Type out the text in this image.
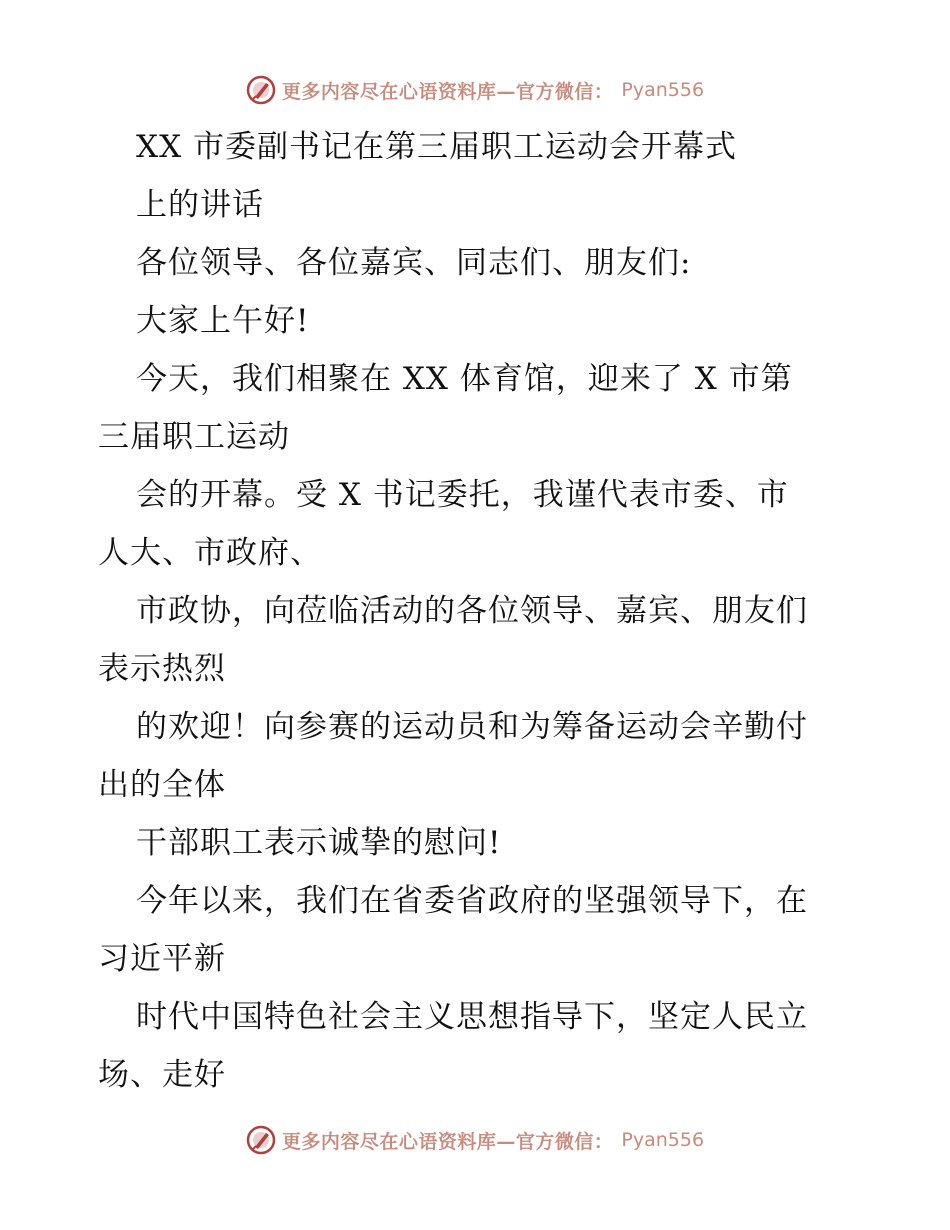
更多内容尽在心语资料库—官方微信： Pyan556
XX 市委副书记在第三届职工运动会开幕式
上的讲话
各位领导、各位嘉宾、同志们、朋友们:
大家上午好!
今天，我们相聚在 XX 体育馆，迎来了 X 市第
三届职工运动
会的开幕。受 X 书记委托，我谨代表市委、市
人大、市政府、
市政协，向莅临活动的各位领导、嘉宾、朋友们
表示热烈
的欢迎！向参赛的运动员和为筹备运动会辛勤付
出的全体
干部职工表示诚挚的慰问!
今年以来，我们在省委省政府的坚强领导下，在
习近平新
时代中国特色社会主义思想指导下，坚定人民立
场、走好
更多内容尽在心语资料库—官方微信： Pyan556
